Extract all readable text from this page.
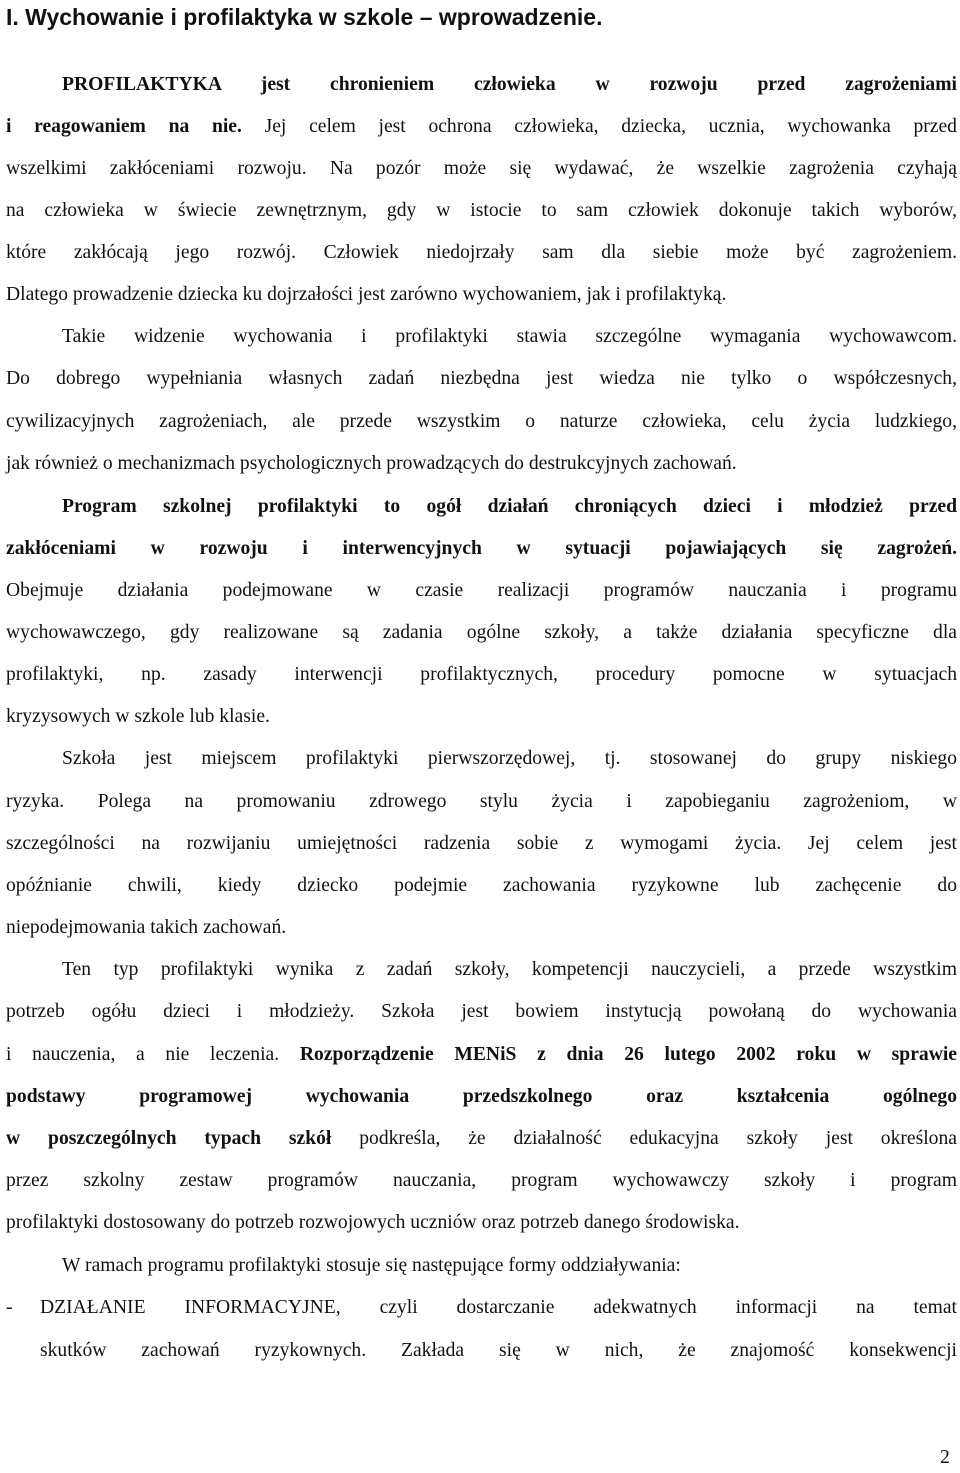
I. Wychowanie i profilaktyka w szkole – wprowadzenie.
PROFILAKTYKA jest chronieniem człowieka w rozwoju przed zagrożeniami
i reagowaniem na nie. Jej celem jest ochrona człowieka, dziecka, ucznia, wychowanka przed
wszelkimi zakłóceniami rozwoju. Na pozór może się wydawać, że wszelkie zagrożenia czyhają
na człowieka w świecie zewnętrznym, gdy w istocie to sam człowiek dokonuje takich wyborów,
które zakłócają jego rozwój. Człowiek niedojrzały sam dla siebie może być zagrożeniem.
Dlatego prowadzenie dziecka ku dojrzałości jest zarówno wychowaniem, jak i profilaktyką.
Takie widzenie wychowania i profilaktyki stawia szczególne wymagania wychowawcom.
Do dobrego wypełniania własnych zadań niezbędna jest wiedza nie tylko o współczesnych,
cywilizacyjnych zagrożeniach, ale przede wszystkim o naturze człowieka, celu życia ludzkiego,
jak również o mechanizmach psychologicznych prowadzących do destrukcyjnych zachowań.
Program szkolnej profilaktyki to ogół działań chroniących dzieci i młodzież przed
zakłóceniami w rozwoju i interwencyjnych w sytuacji pojawiających się zagrożeń.
Obejmuje działania podejmowane w czasie realizacji programów nauczania i programu
wychowawczego, gdy realizowane są zadania ogólne szkoły, a także działania specyficzne dla
profilaktyki, np. zasady interwencji profilaktycznych, procedury pomocne w sytuacjach
kryzysowych w szkole lub klasie.
Szkoła jest miejscem profilaktyki pierwszorzędowej, tj. stosowanej do grupy niskiego
ryzyka. Polega na promowaniu zdrowego stylu życia i zapobieganiu zagrożeniom, w
szczególności na rozwijaniu umiejętności radzenia sobie z wymogami życia. Jej celem jest
opóźnianie chwili, kiedy dziecko podejmie zachowania ryzykowne lub zachęcenie do
niepodejmowania takich zachowań.
Ten typ profilaktyki wynika z zadań szkoły, kompetencji nauczycieli, a przede wszystkim
potrzeb ogółu dzieci i młodzieży. Szkoła jest bowiem instytucją powołaną do wychowania
i nauczenia, a nie leczenia. Rozporządzenie MENiS z dnia 26 lutego 2002 roku w sprawie
podstawy programowej wychowania przedszkolnego oraz kształcenia ogólnego
w poszczególnych typach szkół podkreśla, że działalność edukacyjna szkoły jest określona
przez szkolny zestaw programów nauczania, program wychowawczy szkoły i program
profilaktyki dostosowany do potrzeb rozwojowych uczniów oraz potrzeb danego środowiska.
W ramach programu profilaktyki stosuje się następujące formy oddziaływania:
- DZIAŁANIE INFORMACYJNE, czyli dostarczanie adekwatnych informacji na temat
skutków zachowań ryzykownych. Zakłada się w nich, że znajomość konsekwencji
2
